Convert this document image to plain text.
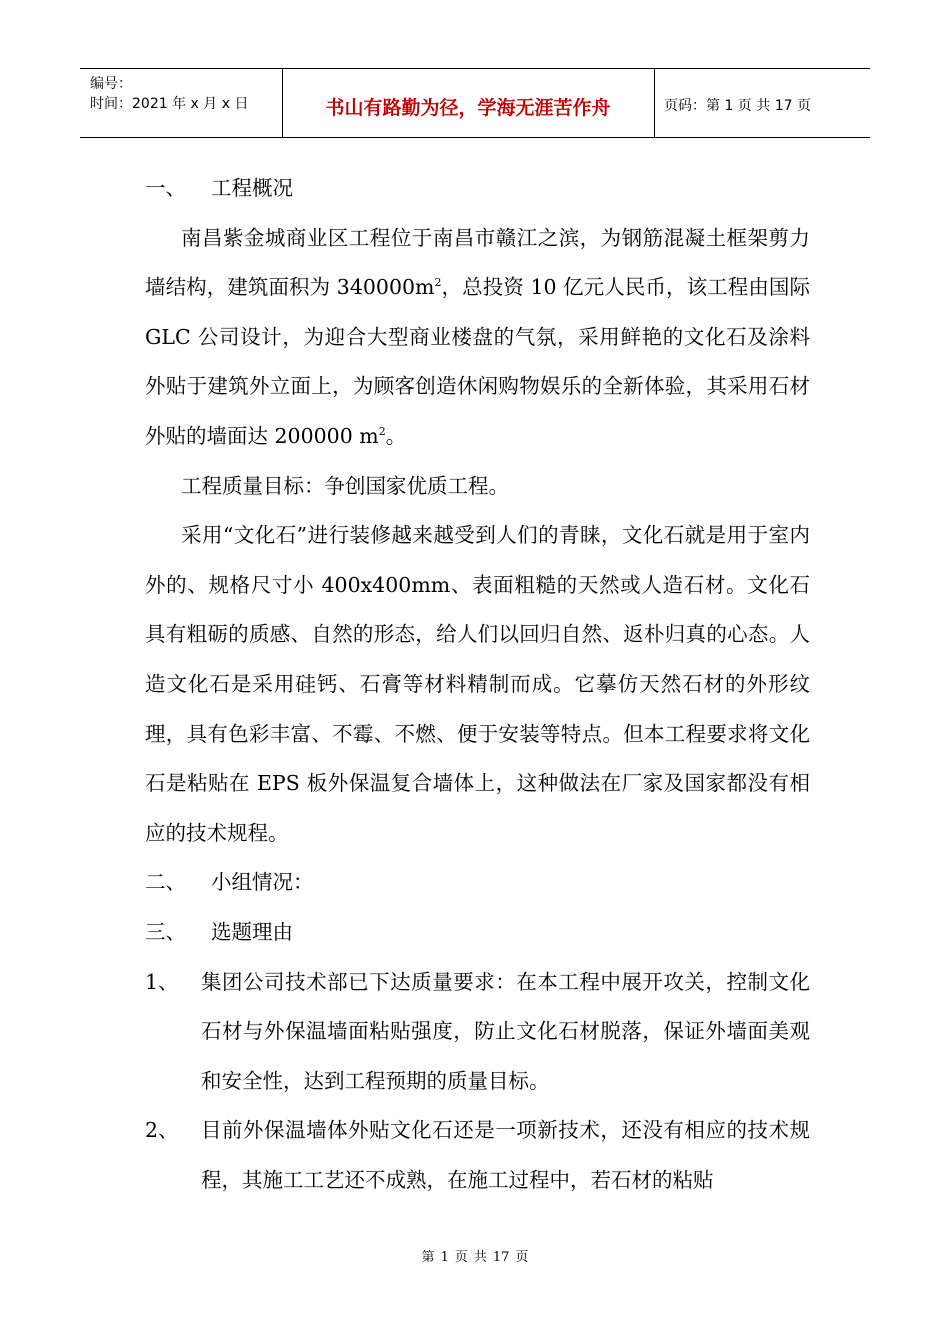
编号：
时间：2021 年 x 月 x 日	书山有路勤为径，学海无涯苦作舟	页码：第 1 页 共 17 页

一、 工程概况

南昌紫金城商业区工程位于南昌市赣江之滨，为钢筋混凝土框架剪力墙结构，建筑面积为 $340000m^2$，总投资 10 亿元人民币，该工程由国际 GLC 公司设计，为迎合大型商业楼盘的气氛，采用鲜艳的文化石及涂料外贴于建筑外立面上，为顾客创造休闲购物娱乐的全新体验，其采用石材外贴的墙面达 200000 $m^2$。

工程质量目标：争创国家优质工程。

采用“文化石”进行装修越来越受到人们的青睐，文化石就是用于室内外的、规格尺寸小 400x400mm、表面粗糙的天然或人造石材。文化石具有粗砺的质感、自然的形态，给人们以回归自然、返朴归真的心态。人造文化石是采用硅钙、石膏等材料精制而成。它摹仿天然石材的外形纹理，具有色彩丰富、不霉、不燃、便于安装等特点。但本工程要求将文化石是粘贴在 EPS 板外保温复合墙体上，这种做法在厂家及国家都没有相应的技术规程。

二、 小组情况：

三、 选题理由

1、 集团公司技术部已下达质量要求：在本工程中展开攻关，控制文化石材与外保温墙面粘贴强度，防止文化石材脱落，保证外墙面美观和安全性，达到工程预期的质量目标。
2、 目前外保温墙体外贴文化石还是一项新技术，还没有相应的技术规程，其施工工艺还不成熟，在施工过程中，若石材的粘贴
第 1 页 共 17 页
